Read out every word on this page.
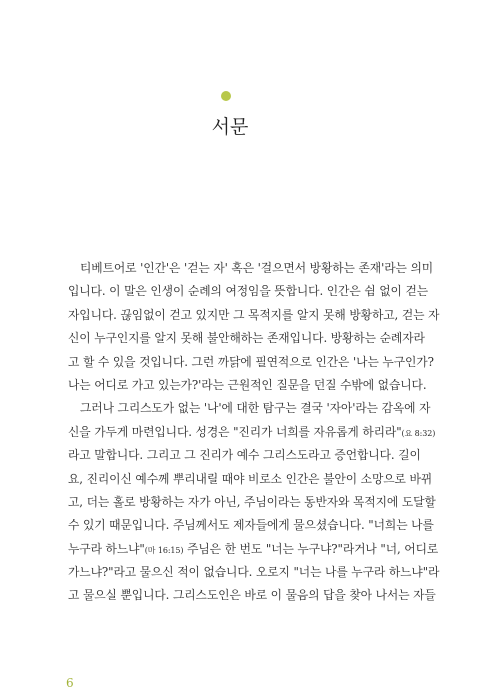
서문
티베트어로 '인간'은 '걷는 자' 혹은 '걸으면서 방황하는 존재'라는 의미
입니다. 이 말은 인생이 순례의 여정임을 뜻합니다. 인간은 쉼 없이 걷는
자입니다. 끊임없이 걷고 있지만 그 목적지를 알지 못해 방황하고, 걷는 자
신이 누구인지를 알지 못해 불안해하는 존재입니다. 방황하는 순례자라
고 할 수 있을 것입니다. 그런 까닭에 필연적으로 인간은 '나는 누구인가?
나는 어디로 가고 있는가?'라는 근원적인 질문을 던질 수밖에 없습니다.
그러나 그리스도가 없는 '나'에 대한 탐구는 결국 '자아'라는 감옥에 자
신을 가두게 마련입니다. 성경은 "진리가 너희를 자유롭게 하리라"(요 8:32)
라고 말합니다. 그리고 그 진리가 예수 그리스도라고 증언합니다. 길이
요, 진리이신 예수께 뿌리내릴 때야 비로소 인간은 불안이 소망으로 바뀌
고, 더는 홀로 방황하는 자가 아닌, 주님이라는 동반자와 목적지에 도달할
수 있기 때문입니다. 주님께서도 제자들에게 물으셨습니다. "너희는 나를
누구라 하느냐"(마 16:15) 주님은 한 번도 "너는 누구냐?"라거나 "너, 어디로
가느냐?"라고 물으신 적이 없습니다. 오로지 "너는 나를 누구라 하느냐"라
고 물으실 뿐입니다. 그리스도인은 바로 이 물음의 답을 찾아 나서는 자들
6
